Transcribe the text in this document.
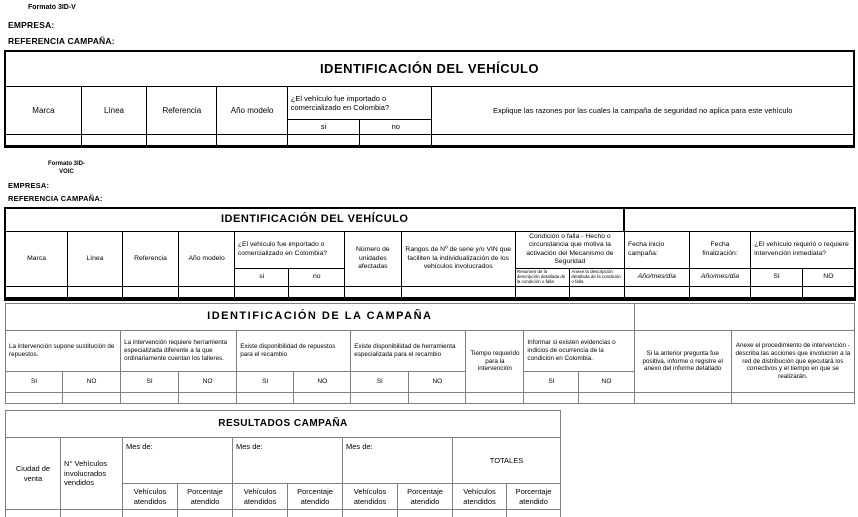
Formato 3ID-V
EMPRESA:
REFERENCIA CAMPAÑA:
IDENTIFICACIÓN DEL VEHÍCULO						
Marca	Línea	Referencia	Año modelo	¿El vehículo fue importado o comercializado en Colombia?		Explique las razones por las cuales la campaña de seguridad no aplica para este vehículo
				si	no	

Formato 3ID-
VOIC
EMPRESA:
REFERENCIA CAMPAÑA:
IDENTIFICACIÓN DEL VEHÍCULO													
Marca	Línea	Referencia	Año modelo	¿El vehículo fue importado o comercializado en Colombia?		Número de unidades afectadas	Rangos de Nº de serie y/o VIN que faciliten la individualización de los vehículos involucrados	Condición o falla - Hecho o circunstancia que motiva la activación del Mecanismo de Seguridad		Fecha inicio campaña:	Fecha finalización:	¿El vehículo requirió o requiere intervención inmediata?	
				si	no			Resumen de la descripción detallada de la condición o falla	Anexe la descripción detallada de la condición o falla	Año/mes/día	Año/mes/día	SI	NO

IDENTIFICACIÓN DE LA CAMPAÑA												
La intervención supone sustitución de repuestos.		La intervención requiere herramienta especializada diferente a la que ordinariamente cuentan los talleres.		Existe disponibilidad de repuestos para el recambio		Existe disponibilidad de herramienta especializada para el recambio		Tiempo requerido para la intervención	Informar si existen evidencias o indicios de ocurrencia de la condición en Colombia.		Si la anterior pregunta fue positiva, informe o registre el anexo del informe detallado	Anexe el procedimiento de intervención - describa las acciones que involucren a la red de distribución que ejecutará los correctivos y el tiempo en que se realizarán.
SI	NO	SI	NO	SI	NO	SI	NO		SI	NO		

RESULTADOS CAMPAÑA									
Ciudad de venta	N° Vehículos involucrados vendidos	Mes de:		Mes de:		Mes de:		TOTALES	
		Vehículos atendidos	Porcentaje atendido	Vehículos atendidos	Porcentaje atendido	Vehículos atendidos	Porcentaje atendido	Vehículos atendidos	Porcentaje atendido
